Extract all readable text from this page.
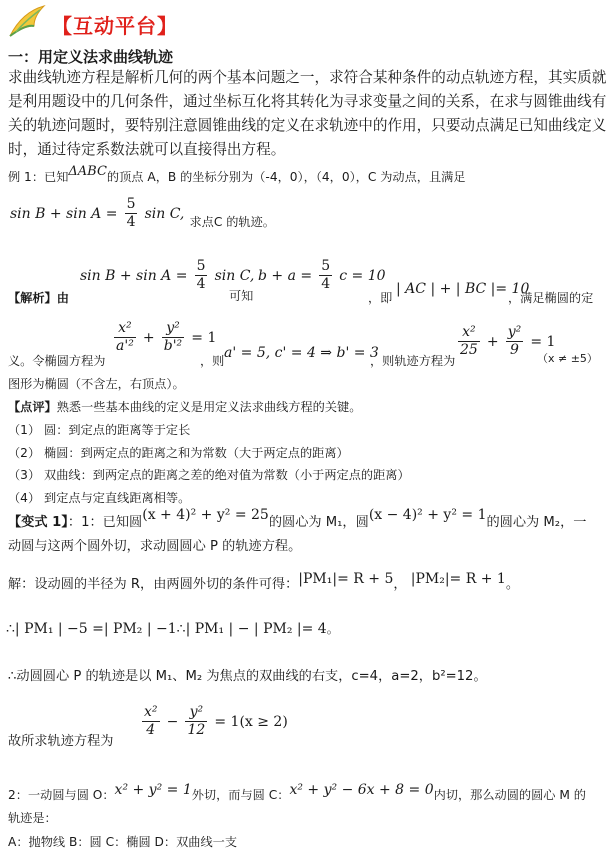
【互动平台】
一：用定义法求曲线轨迹
求曲线轨迹方程是解析几何的两个基本问题之一，求符合某种条件的动点轨迹方程，其实质就是利用题设中的几何条件，通过坐标互化将其转化为寻求变量之间的关系，在求与圆锥曲线有关的轨迹问题时，要特别注意圆锥曲线的定义在求轨迹中的作用，只要动点满足已知曲线定义时，通过待定系数法就可以直接得出方程。
例 1：已知ΔABC的顶点 A，B 的坐标分别为（-4，0），（4，0），C 为动点，且满足
$\sin B + \sin A = \frac{5}{4}$ sin C, $_{求点C 的轨迹。}$
$\sin B + \sin A = \frac{5}{4}$ sin C,
可知
$b + a = \frac{5}{4}$ c = 10
【解析】由	，即
| AC | + | BC |= 10
，满足椭圆的定
义。令椭圆方程为
$\frac{\text{x²}}{\text{a'²}} + \frac{\text{y²}}{\text{b'²}} = 1$
，则 a' = 5, c' = 4 ⇒ b' = 3
，则轨迹方程为
$\frac{\text{x²}}{25} + \frac{\text{y²}}{9} = 1$
（x ≠ ±5）
图形为椭圆（不含左，右顶点）。
【点评】熟悉一些基本曲线的定义是用定义法求曲线方程的关键。
（1） 圆：到定点的距离等于定长
（2） 椭圆：到两定点的距离之和为常数（大于两定点的距离）
（3） 双曲线：到两定点的距离之差的绝对值为常数（小于两定点的距离）
（4） 到定点与定直线距离相等。
【变式 1】：1：已知圆(x + 4)² + y² = 25的圆心为 M₁，圆(x − 4)² + y² = 1的圆心为 M₂，一
动圆与这两个圆外切，求动圆圆心 P 的轨迹方程。
解：设动圆的半径为 R，由两圆外切的条件可得：|PM₁|= R + 5， |PM₂|= R + 1。
∴| PM₁ | −5 =| PM₂ | −1∴| PM₁ | − | PM₂ |= 4。
∴动圆圆心 P 的轨迹是以 M₁、M₂ 为焦点的双曲线的右支，c=4，a=2，b²=12。
故所求轨迹方程为
$\frac{\text{x²}}{4} - \frac{\text{y²}}{12} = 1(x \ge 2)$
2：一动圆与圆 O：x² + y² = 1外切，而与圆 C：x² + y² − 6x + 8 = 0内切，那么动圆的圆心 M 的
轨迹是：
A：抛物线 B：圆 C：椭圆 D：双曲线一支
